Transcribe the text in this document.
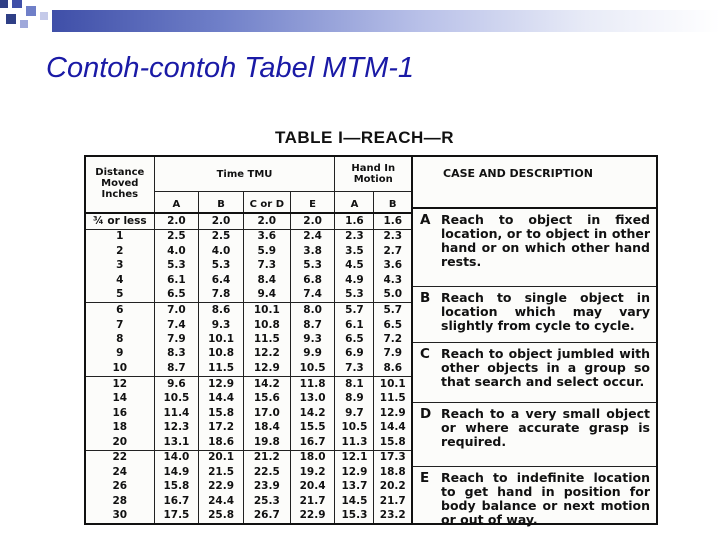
Contoh-contoh Tabel MTM-1
TABLE I—REACH—R
Distance Moved Inches	Time TMU				Hand In Motion	
	A	B	C or D	E	A	B
¾ or less	2.0	2.0	2.0	2.0	1.6	1.6
1	2.5	2.5	3.6	2.4	2.3	2.3
2	4.0	4.0	5.9	3.8	3.5	2.7
3	5.3	5.3	7.3	5.3	4.5	3.6
4	6.1	6.4	8.4	6.8	4.9	4.3
5	6.5	7.8	9.4	7.4	5.3	5.0
6	7.0	8.6	10.1	8.0	5.7	5.7
7	7.4	9.3	10.8	8.7	6.1	6.5
8	7.9	10.1	11.5	9.3	6.5	7.2
9	8.3	10.8	12.2	9.9	6.9	7.9
10	8.7	11.5	12.9	10.5	7.3	8.6
12	9.6	12.9	14.2	11.8	8.1	10.1
14	10.5	14.4	15.6	13.0	8.9	11.5
16	11.4	15.8	17.0	14.2	9.7	12.9
18	12.3	17.2	18.4	15.5	10.5	14.4
20	13.1	18.6	19.8	16.7	11.3	15.8
22	14.0	20.1	21.2	18.0	12.1	17.3
24	14.9	21.5	22.5	19.2	12.9	18.8
26	15.8	22.9	23.9	20.4	13.7	20.2
28	16.7	24.4	25.3	21.7	14.5	21.7
30	17.5	25.8	26.7	22.9	15.3	23.2
CASE AND DESCRIPTION
A Reach to object in fixed location, or to object in other hand or on which other hand rests.
B Reach to single object in location which may vary slightly from cycle to cycle.
C Reach to object jumbled with other objects in a group so that search and select occur.
D Reach to a very small object or where accurate grasp is required.
E Reach to indefinite location to get hand in position for body balance or next motion or out of way.
